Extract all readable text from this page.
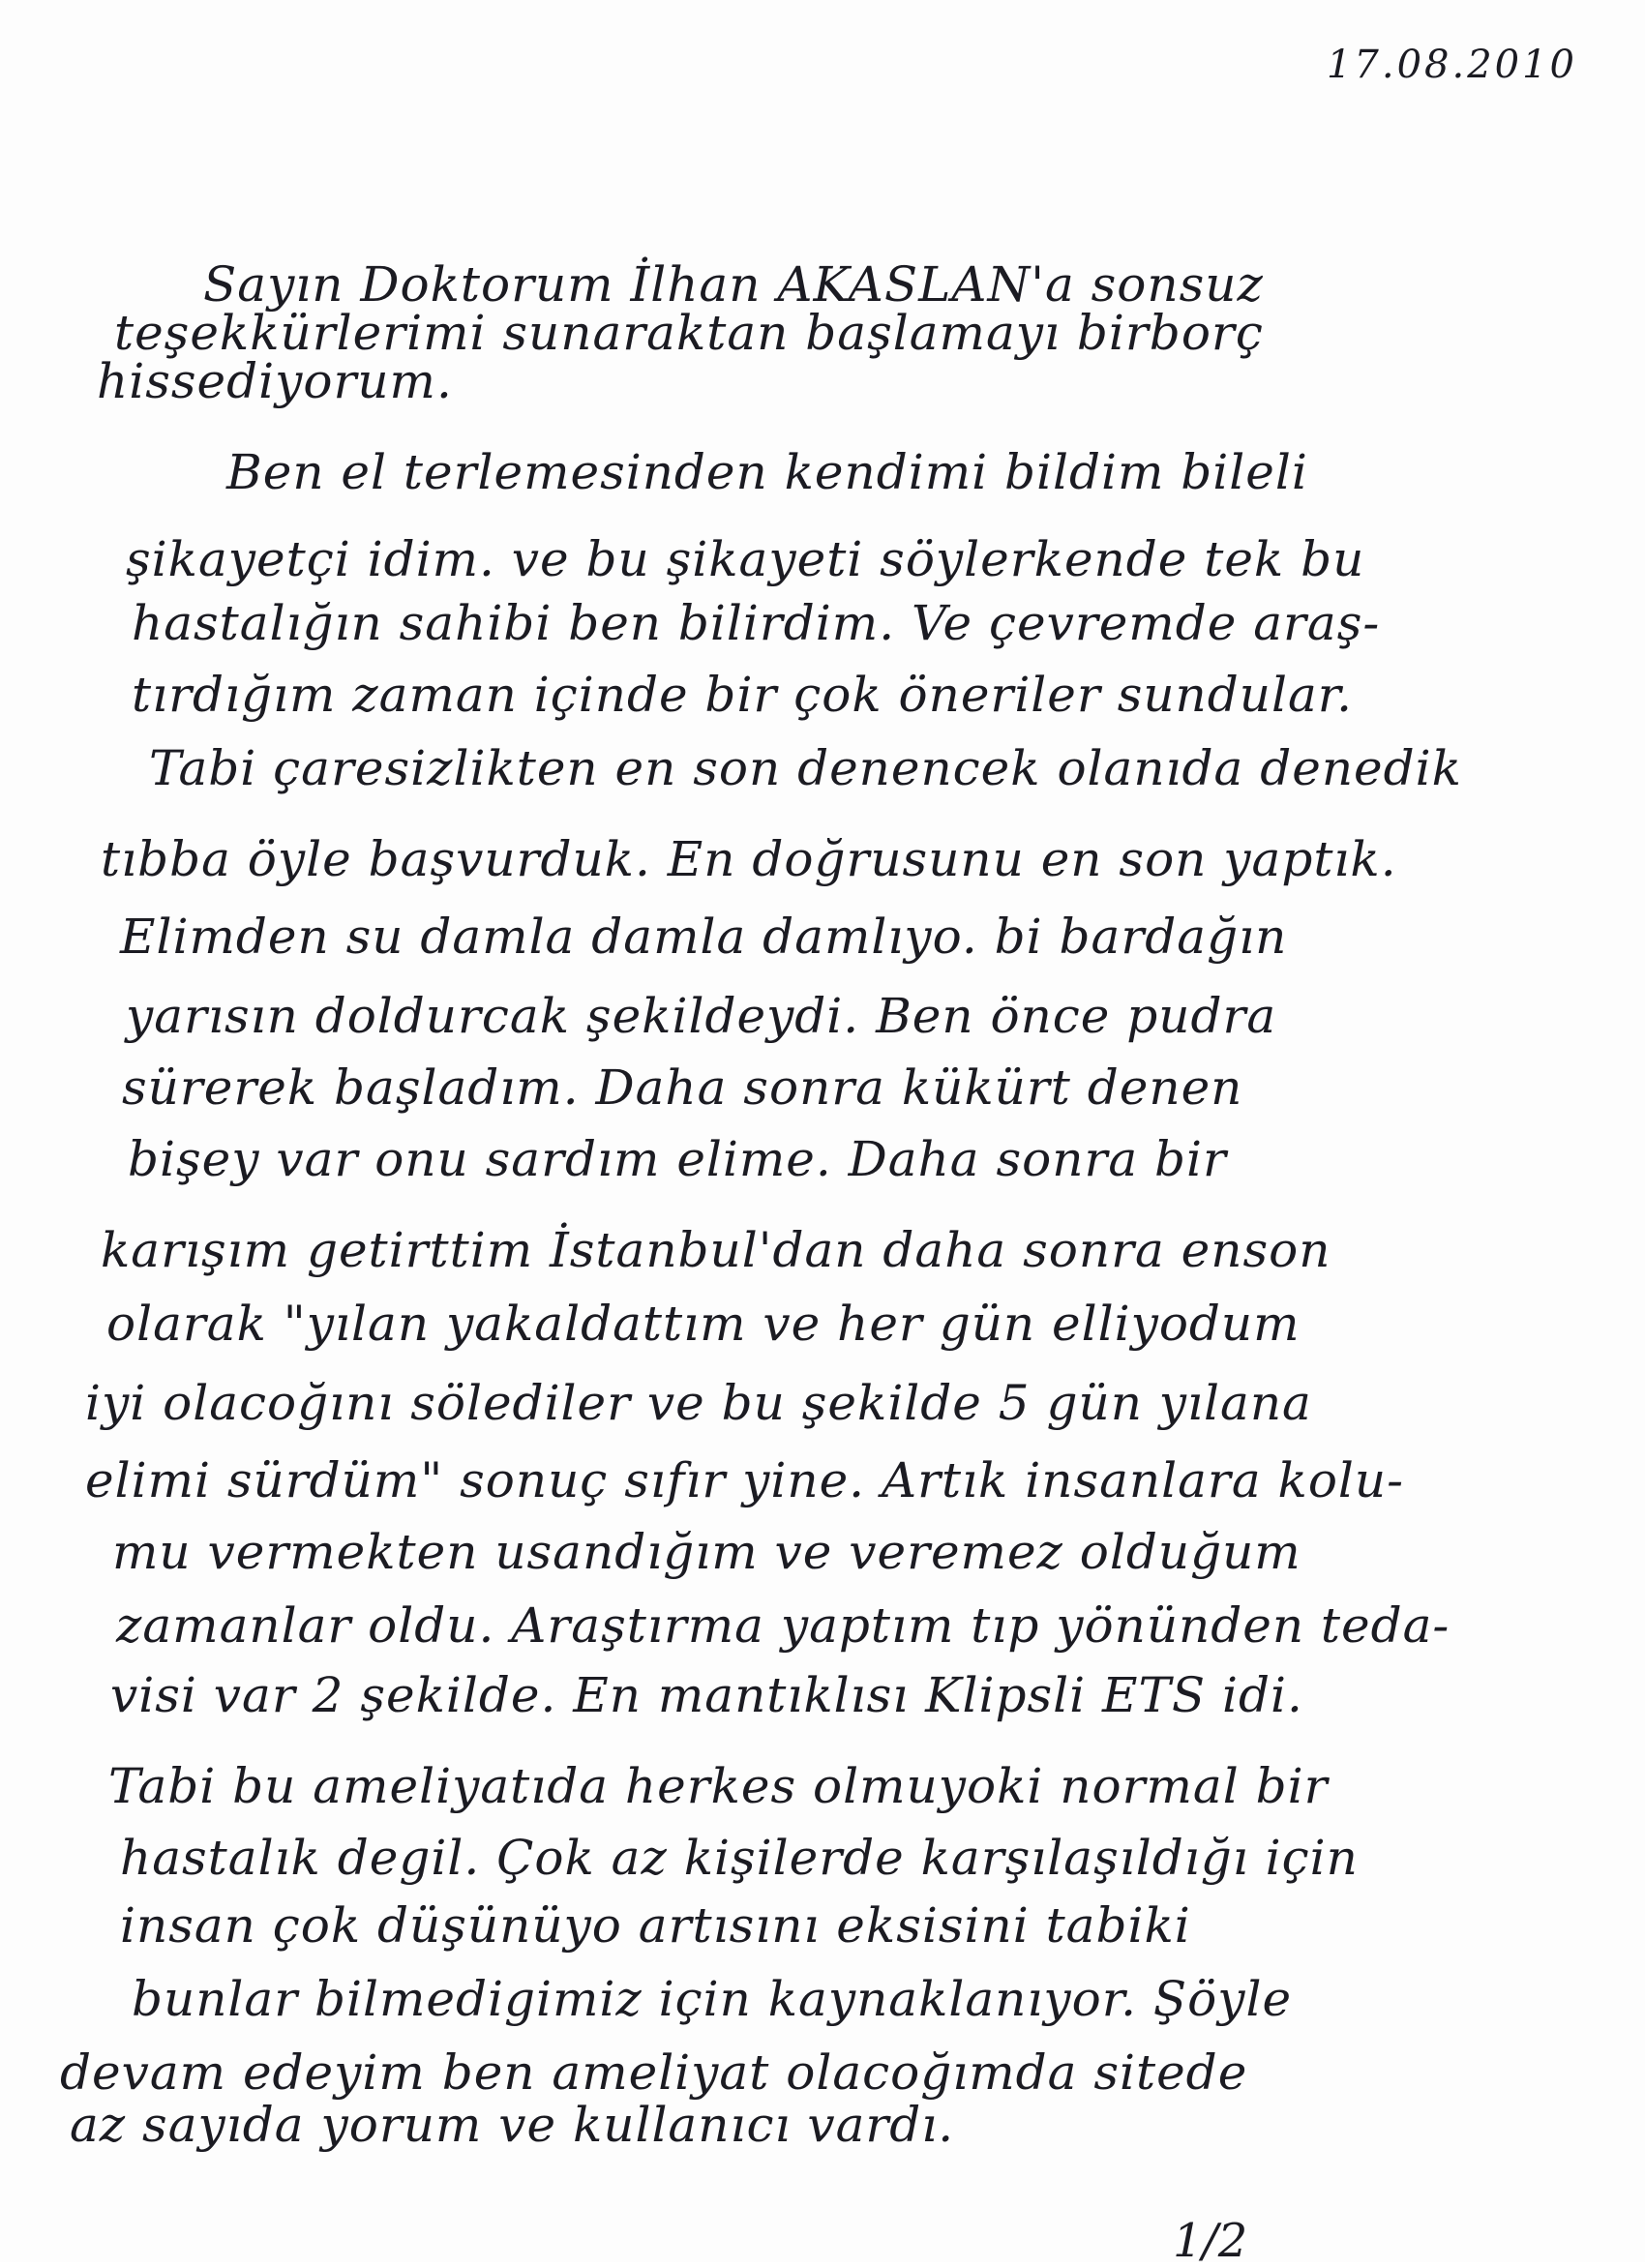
17.08.2010
Sayın Doktorum İlhan AKASLAN'a sonsuz
teşekkürlerimi sunaraktan başlamayı birborç
hissediyorum.
Ben el terlemesinden kendimi bildim bileli
şikayetçi idim. ve bu şikayeti söylerkende tek bu
hastalığın sahibi ben bilirdim. Ve çevremde araş-
tırdığım zaman içinde bir çok öneriler sundular.
Tabi çaresizlikten en son denencek olanıda denedik
tıbba öyle başvurduk. En doğrusunu en son yaptık.
Elimden su damla damla damlıyo. bi bardağın
yarısın doldurcak şekildeydi. Ben önce pudra
sürerek başladım. Daha sonra kükürt denen
bişey var onu sardım elime. Daha sonra bir
karışım getirttim İstanbul'dan daha sonra enson
olarak "yılan yakaldattım ve her gün elliyodum
iyi olacoğını sölediler ve bu şekilde 5 gün yılana
elimi sürdüm" sonuç sıfır yine. Artık insanlara kolu-
mu vermekten usandığım ve veremez olduğum
zamanlar oldu. Araştırma yaptım tıp yönünden teda-
visi var 2 şekilde. En mantıklısı Klipsli ETS idi.
Tabi bu ameliyatıda herkes olmuyoki normal bir
hastalık degil. Çok az kişilerde karşılaşıldığı için
insan çok düşünüyo artısını eksisini tabiki
bunlar bilmedigimiz için kaynaklanıyor. Şöyle
devam edeyim ben ameliyat olacoğımda sitede
az sayıda yorum ve kullanıcı vardı.
1/2
